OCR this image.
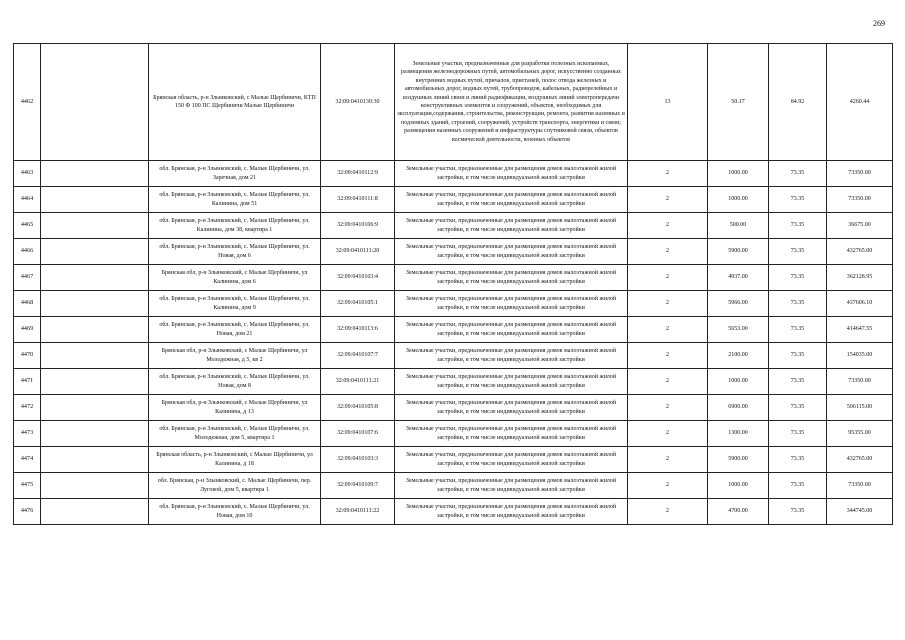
269
4462		Брянская область, р-н Злынковский, с Малые Щербиничи, КТП 150 Ф 100 ПС Щербиничи Малые Щербиничи	32:09:0410130:30	Земельные участки, предназначенные для разработки полезных ископаемых, размещения железнодорожных путей, автомобильных дорог, искусственно созданных внутренних водных путей, причалов, пристаней, полос отвода железных и автомобильных дорог, водных путей, трубопроводов, кабельных, радиорелейных и воздушных линий связи и линий радиофикации, воздушных линий электропередачи конструктивных элементов и сооружений, объектов, необходимых для эксплуатации,содержания, строительства, реконструкции, ремонта, развития наземных и подземных зданий, строений, сооружений, устройств транспорта, энергетики и связи; размещения наземных сооружений и инфраструктуры спутниковой связи, объектов космической деятельности, военных объектов	13	50.17	84.92	4260.44
4463		обл. Брянская, р-н Злынковский, с. Малые Щербиничи, ул. Заречная, дом 21	32:09:0410112:9	Земельные участки, предназначенные для размещения домов малоэтажной жилой застройки, в том числе индивидуальной жилой застройки	2	1000.00	73.35	73350.00
4464		обл. Брянская, р-н Злынковский, с. Малые Щербиничи, ул. Калинина, дом 51	32:09:0410111:8	Земельные участки, предназначенные для размещения домов малоэтажной жилой застройки, в том числе индивидуальной жилой застройки	2	1000.00	73.35	73350.00
4465		обл. Брянская, р-н Злынковский, с. Малые Щербиничи, ул. Калинина, дом 38, квартира 1	32:09:0410106:9	Земельные участки, предназначенные для размещения домов малоэтажной жилой застройки, в том числе индивидуальной жилой застройки	2	500.00	73.35	36675.00
4466		обл. Брянская, р-н Злынковский, с. Малые Щербиничи, ул. Новая, дом 6	32:09:0410111:20	Земельные участки, предназначенные для размещения домов малоэтажной жилой застройки, в том числе индивидуальной жилой застройки	2	5900.00	73.35	432765.00
4467		Брянская обл, р-н Злынковский, с Малые Щербиничи, ул Калинина, дом 6	32:09:0410103:4	Земельные участки, предназначенные для размещения домов малоэтажной жилой застройки, в том числе индивидуальной жилой застройки	2	4937.00	73.35	362128.95
4468		обл. Брянская, р-н Злынковский, с. Малые Щербиничи, ул. Калинина, дом 9	32:09:0410105:1	Земельные участки, предназначенные для размещения домов малоэтажной жилой застройки, в том числе индивидуальной жилой застройки	2	5966.00	73.35	437606.10
4469		обл. Брянская, р-н Злынковский, с. Малые Щербиничи, ул. Новая, дом 21	32:09:0410113:6	Земельные участки, предназначенные для размещения домов малоэтажной жилой застройки, в том числе индивидуальной жилой застройки	2	5653.00	73.35	414647.55
4470		Брянская обл, р-н Злынковский, с Малые Щербиничи, ул Молодежная, д 5, кв 2	32:09:0410107:7	Земельные участки, предназначенные для размещения домов малоэтажной жилой застройки, в том числе индивидуальной жилой застройки	2	2100.00	73.35	154035.00
4471		обл. Брянская, р-н Злынковский, с. Малые Щербиничи, ул. Новая, дом 8	32:09:0410111:21	Земельные участки, предназначенные для размещения домов малоэтажной жилой застройки, в том числе индивидуальной жилой застройки	2	1000.00	73.35	73350.00
4472		Брянская обл, р-н Злынковский, с Малые Щербиничи, ул Калинина, д 13	32:09:0410105:8	Земельные участки, предназначенные для размещения домов малоэтажной жилой застройки, в том числе индивидуальной жилой застройки	2	6900.00	73.35	506115.00
4473		обл. Брянская, р-н Злынковский, с. Малые Щербиничи, ул. Молодежная, дом 5, квартира 1	32:09:0410107:6	Земельные участки, предназначенные для размещения домов малоэтажной жилой застройки, в том числе индивидуальной жилой застройки	2	1300.00	73.35	95355.00
4474		Брянская область, р-н Злынковский, с Малые Щербиничи, ул Калинина, д 18	32:09:0410103:3	Земельные участки, предназначенные для размещения домов малоэтажной жилой застройки, в том числе индивидуальной жилой застройки	2	5900.00	73.35	432765.00
4475		обл. Брянская, р-н Злынковский, с. Малые Щербиничи, пер. Луговой, дом 5, квартира 1	32:09:0410109:7	Земельные участки, предназначенные для размещения домов малоэтажной жилой застройки, в том числе индивидуальной жилой застройки	2	1000.00	73.35	73350.00
4476		обл. Брянская, р-н Злынковский, с. Малые Щербиничи, ул. Новая, дом 10	32:09:0410111:22	Земельные участки, предназначенные для размещения домов малоэтажной жилой застройки, в том числе индивидуальной жилой застройки	2	4700.00	73.35	344745.00
